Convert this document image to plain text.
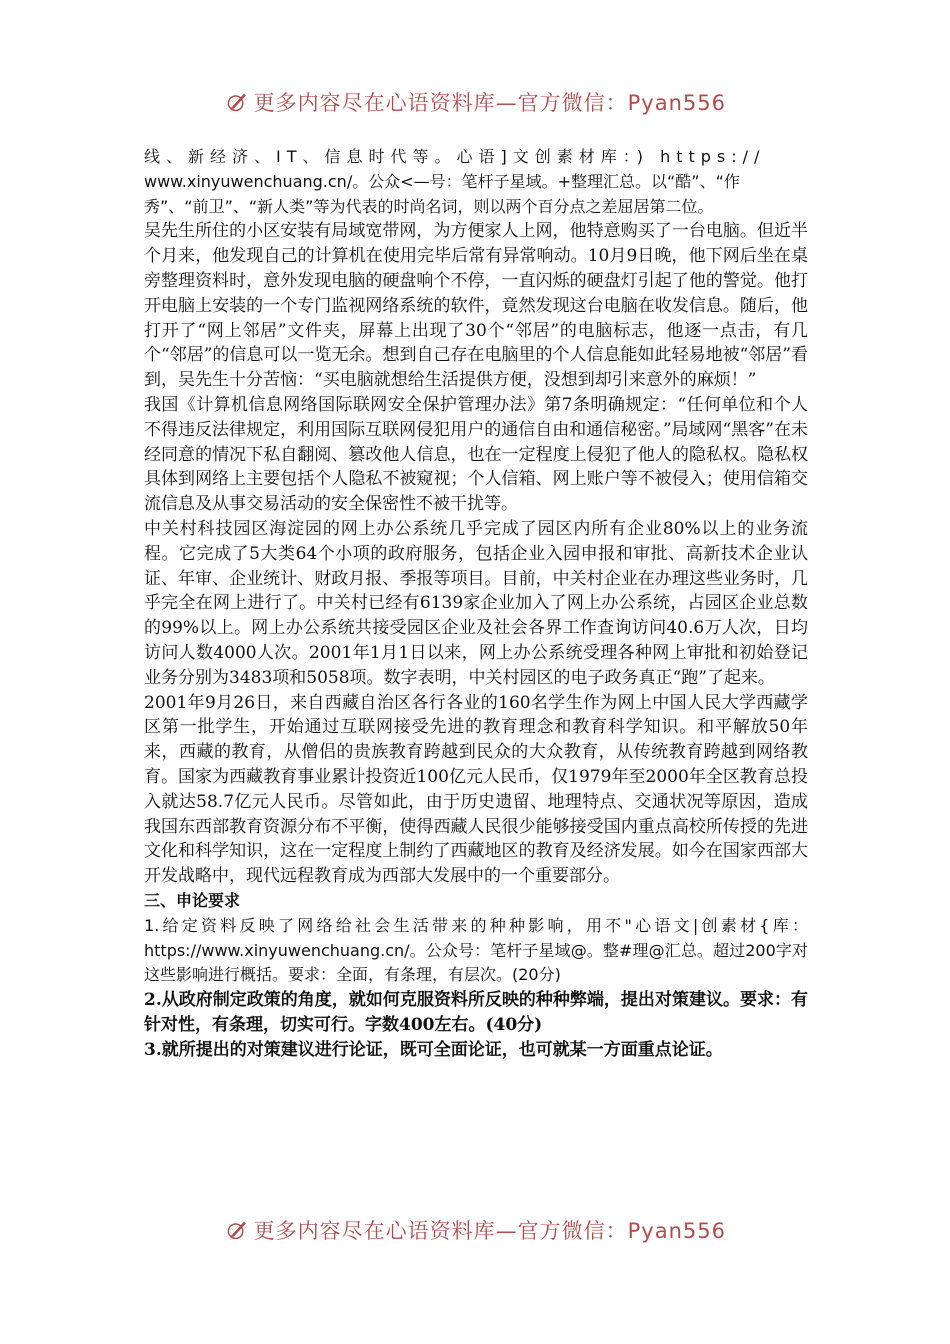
更多内容尽在心语资料库—官方微信：Pyan556

线、新经济、IT、信息时代等。心语]文创素材库：) https://

www.xinyuwenchuang.cn/。公众<—号：笔杆子星域。+整理汇总。以“酷”、“作

秀”、“前卫”、“新人类”等为代表的时尚名词，则以两个百分点之差屈居第二位。

吴先生所住的小区安装有局域宽带网，为方便家人上网，他特意购买了一台电脑。但近半个月来，他发现自己的计算机在使用完毕后常有异常响动。10月9日晚，他下网后坐在桌旁整理资料时，意外发现电脑的硬盘响个不停，一直闪烁的硬盘灯引起了他的警觉。他打开电脑上安装的一个专门监视网络系统的软件，竟然发现这台电脑在收发信息。随后，他打开了“网上邻居”文件夹，屏幕上出现了30个“邻居”的电脑标志，他逐一点击，有几个“邻居”的信息可以一览无余。想到自己存在电脑里的个人信息能如此轻易地被“邻居”看到，吴先生十分苦恼：“买电脑就想给生活提供方便，没想到却引来意外的麻烦！”

我国《计算机信息网络国际联网安全保护管理办法》第7条明确规定：“任何单位和个人不得违反法律规定，利用国际互联网侵犯用户的通信自由和通信秘密。”局域网“黑客”在未经同意的情况下私自翻阅、篡改他人信息，也在一定程度上侵犯了他人的隐私权。隐私权具体到网络上主要包括个人隐私不被窥视；个人信箱、网上账户等不被侵入；使用信箱交流信息及从事交易活动的安全保密性不被干扰等。

中关村科技园区海淀园的网上办公系统几乎完成了园区内所有企业80%以上的业务流程。它完成了5大类64个小项的政府服务，包括企业入园申报和审批、高新技术企业认证、年审、企业统计、财政月报、季报等项目。目前，中关村企业在办理这些业务时，几乎完全在网上进行了。中关村已经有6139家企业加入了网上办公系统，占园区企业总数的99%以上。网上办公系统共接受园区企业及社会各界工作查询访问40.6万人次，日均访问人数4000人次。2001年1月1日以来，网上办公系统受理各种网上审批和初始登记业务分别为3483项和5058项。数字表明，中关村园区的电子政务真正“跑”了起来。

2001年9月26日，来自西藏自治区各行各业的160名学生作为网上中国人民大学西藏学区第一批学生，开始通过互联网接受先进的教育理念和教育科学知识。和平解放50年来，西藏的教育，从僧侣的贵族教育跨越到民众的大众教育，从传统教育跨越到网络教育。国家为西藏教育事业累计投资近100亿元人民币，仅1979年至2000年全区教育总投入就达58.7亿元人民币。尽管如此，由于历史遗留、地理特点、交通状况等原因，造成我国东西部教育资源分布不平衡，使得西藏人民很少能够接受国内重点高校所传授的先进文化和科学知识，这在一定程度上制约了西藏地区的教育及经济发展。如今在国家西部大开发战略中，现代远程教育成为西部大发展中的一个重要部分。

三、申论要求

1.给定资料反映了网络给社会生活带来的种种影响，用不"心语文|创素材{库：https://www.xinyuwenchuang.cn/。公众号：笔杆子星域@。整#理@汇总。超过200字对这些影响进行概括。要求：全面，有条理，有层次。(20分)

2.从政府制定政策的角度，就如何克服资料所反映的种种弊端，提出对策建议。要求：有针对性，有条理，切实可行。字数400左右。(40分)

3.就所提出的对策建议进行论证，既可全面论证，也可就某一方面重点论证。

更多内容尽在心语资料库—官方微信：Pyan556
